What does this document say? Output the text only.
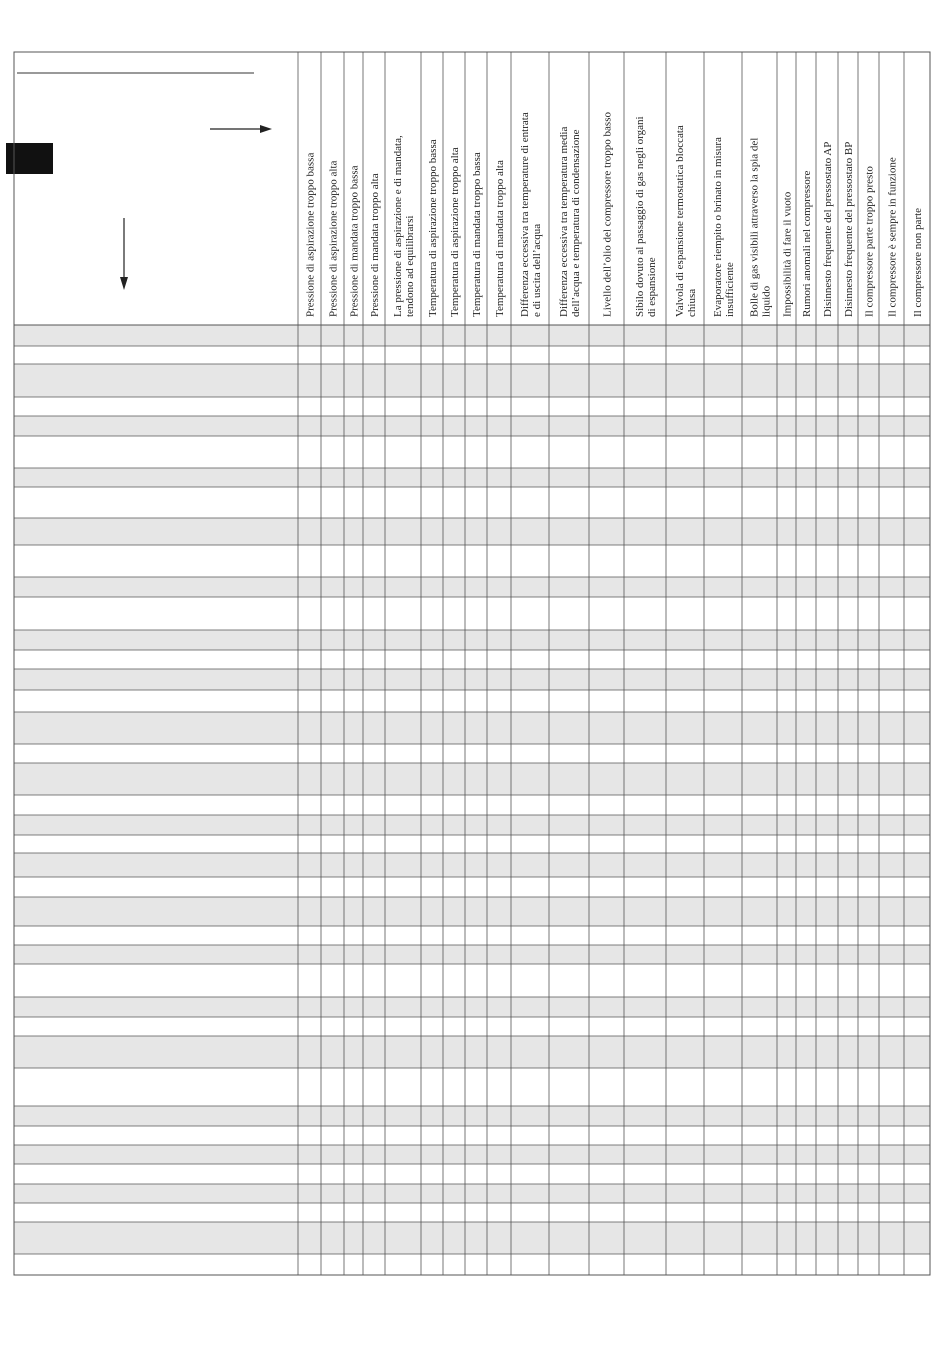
Pressione di aspirazione troppo bassa Pressione di aspirazione troppo alta Pressione di mandata troppo bassa Pressione di mandata troppo alta La pressione di aspirazione e di mandata, tendono ad equilibrarsi Temperatura di aspirazione troppo bassa Temperatura di aspirazione troppo alta Temperatura di mandata troppo bassa Temperatura di mandata troppo alta Differenza eccessiva tra temperature di entrata e di uscita dell’acqua Differenza eccessiva tra temperatura media dell’acqua e temperatura di condensazione Livello dell’olio del compressore troppo basso Sibilo dovuto al passaggio di gas negli organi di espansione Valvola di espansione termostatica bloccata chiusa Evaporatore riempito o brinato in misura insufficiente Bolle di gas visibili attraverso la spia del liquido Impossibilità di fare il vuoto Rumori anomali nel compressore Disinnesto frequente del pressostato AP Disinnesto frequente del pressostato BP Il compressore parte troppo presto Il compressore è sempre in funzione Il compressore non parte
